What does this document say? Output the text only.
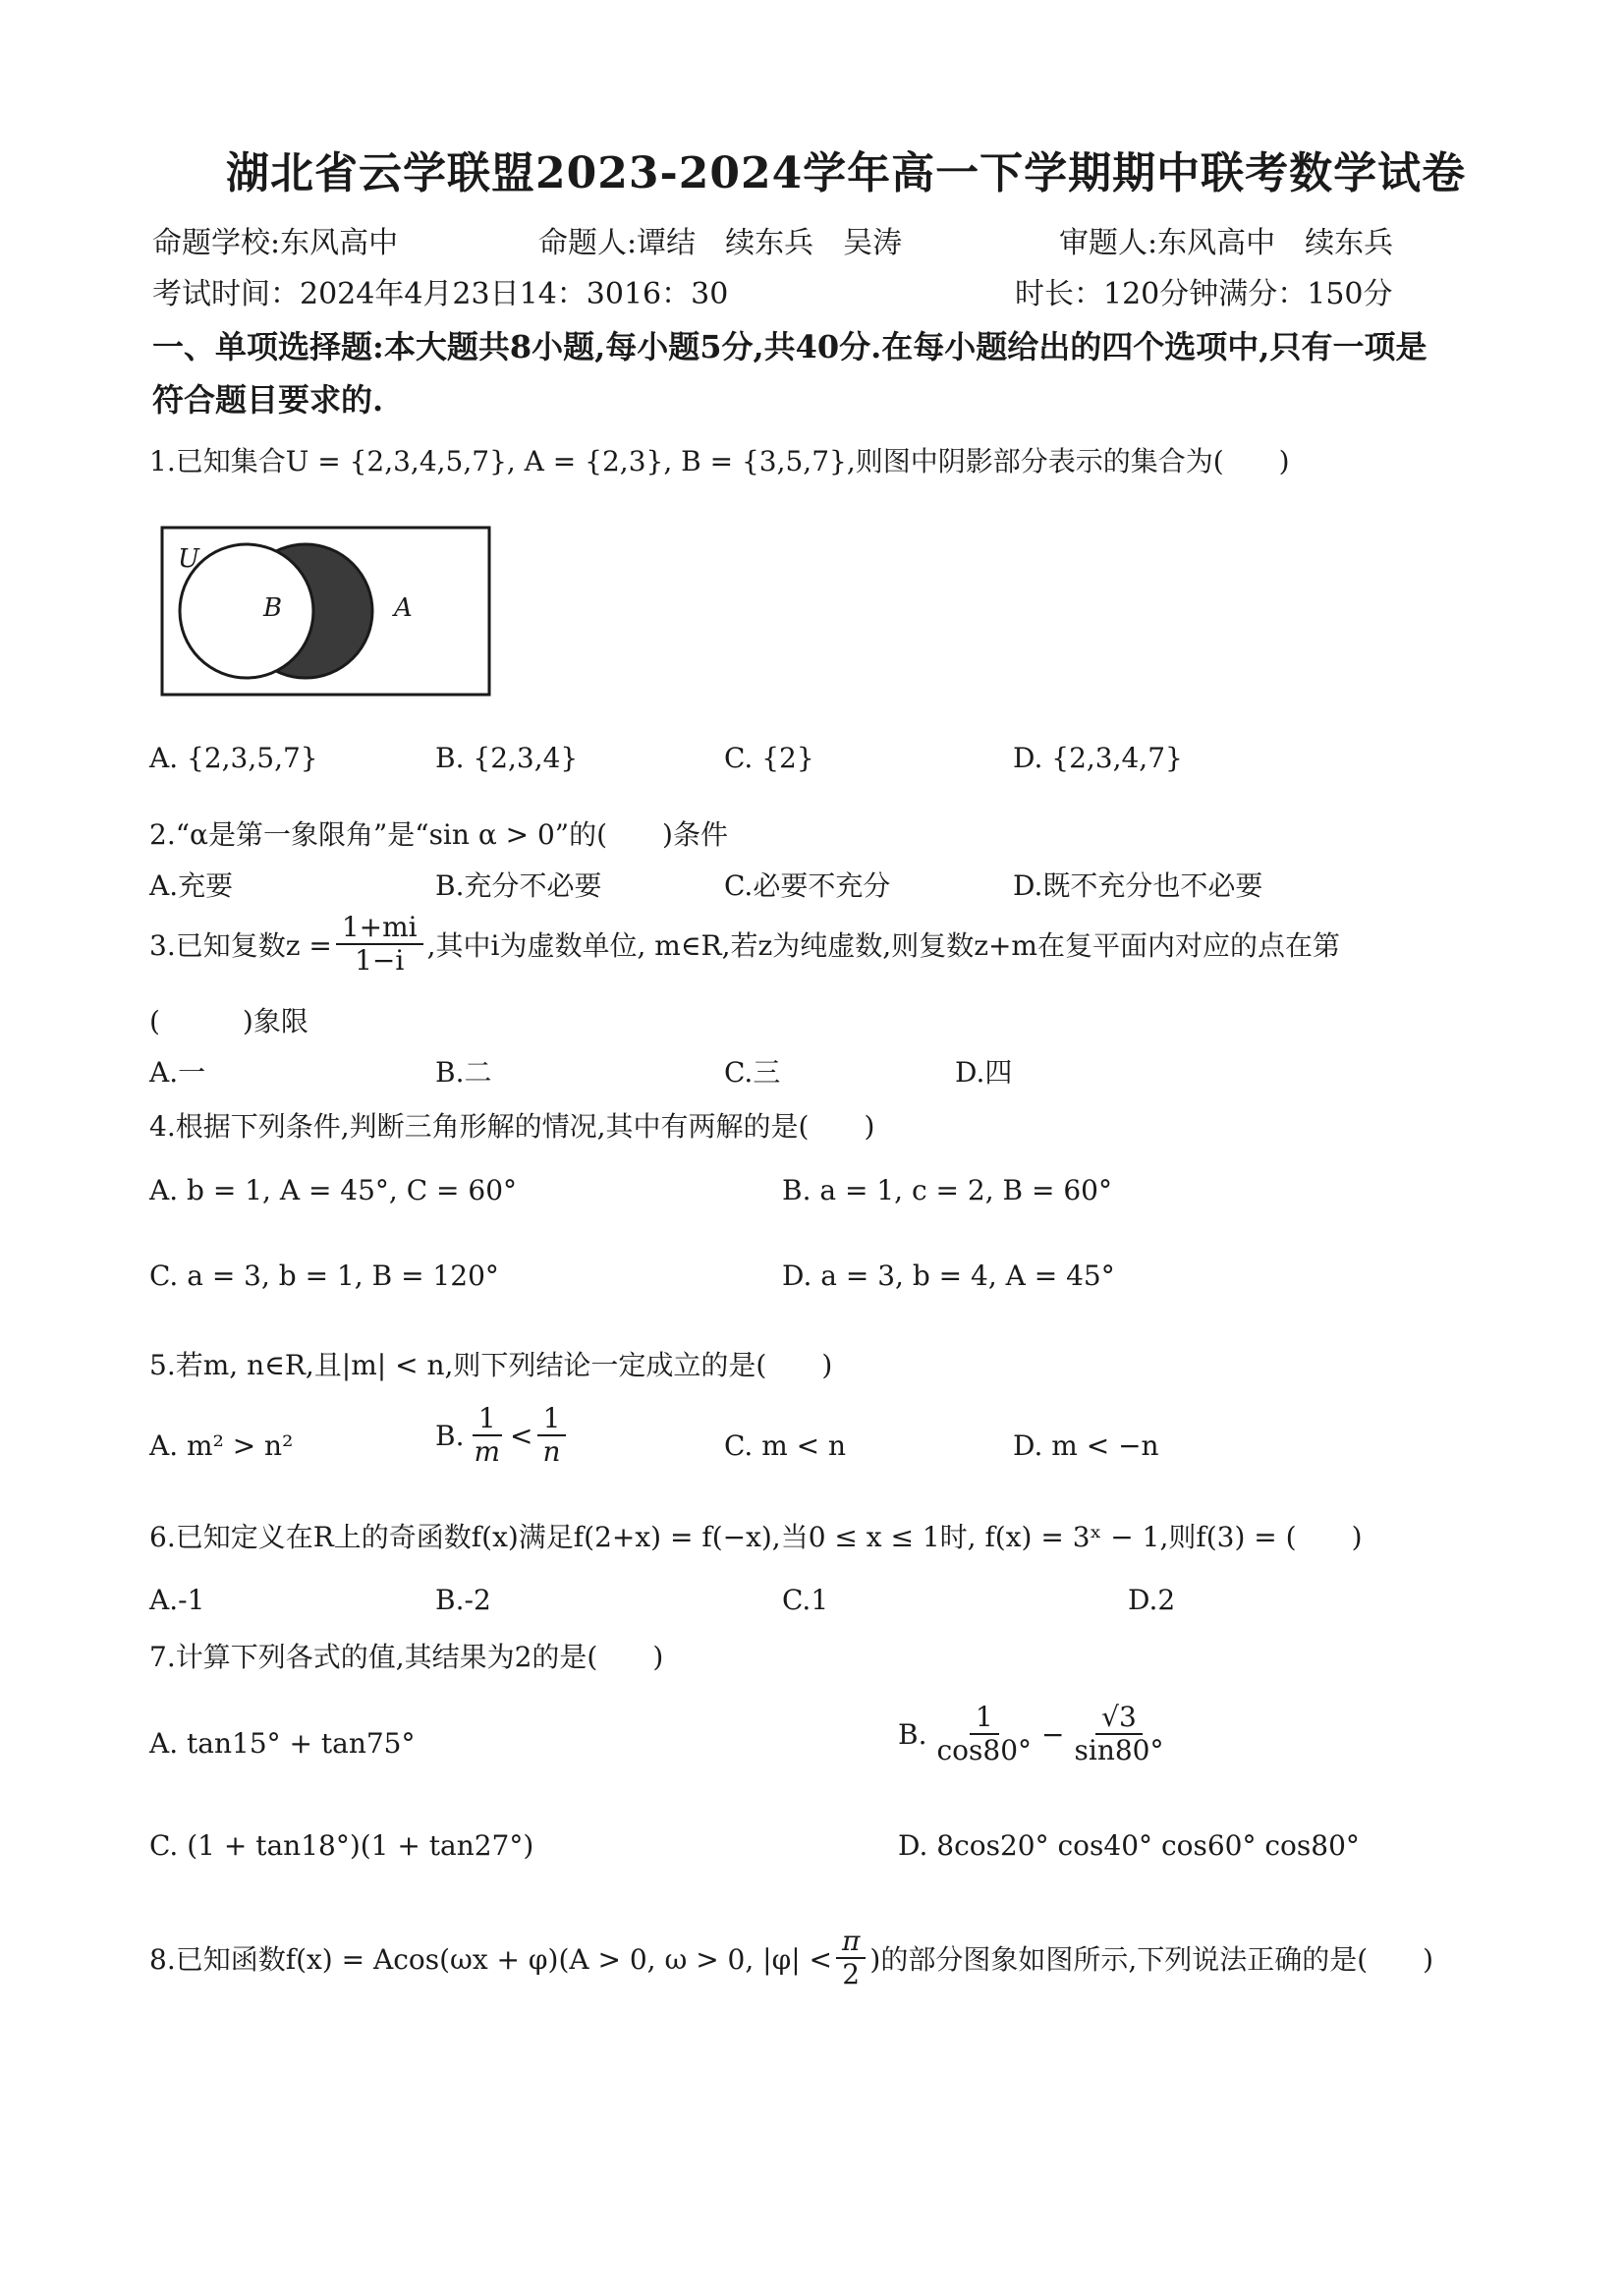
湖北省云学联盟2023-2024学年高一下学期期中联考数学试卷
命题学校:东风高中	命题人:谭结　续东兵　吴涛	审题人:东风高中　续东兵
考试时间：2024年4月23日14：3016：30	时长：120分钟满分：150分
一、单项选择题:本大题共8小题,每小题5分,共40分.在每小题给出的四个选项中,只有一项是
符合题目要求的.
1.已知集合U = {2,3,4,5,7}, A = {2,3}, B = {3,5,7},则图中阴影部分表示的集合为(　　)
U
B	A
A. {2,3,5,7}	B. {2,3,4}	C. {2}	D. {2,3,4,7}
2.“α是第一象限角”是“sin α > 0”的(　　)条件
A.充要	B.充分不必要	C.必要不充分	D.既不充分也不必要
3.已知复数$z = \frac{1+mi}{1-i}$ ,其中i为虚数单位, m∈R,若z为纯虚数,则复数z+m在复平面内对应的点在第
(　　　)象限
A.一	B.二	C.三	D.四
4.根据下列条件,判断三角形解的情况,其中有两解的是(　　)
A. b = 1, A = 45°, C = 60°	B. a = 1, c = 2, B = 60°
C. a = 3, b = 1, B = 120°	D. a = 3, b = 4, A = 45°
5.若m, n∈R,且|m| < n,则下列结论一定成立的是(　　)
A. m² > n²	B. $\frac{1}{m} < \frac{1}{n}$	C. m < n	D. m < −n
6.已知定义在R上的奇函数f(x)满足f(2+x) = f(−x),当0 ≤ x ≤ 1时, f(x) = 3ˣ − 1,则f(3) = (　　)
A.-1	B.-2	C.1	D.2
7.计算下列各式的值,其结果为2的是(　　)
A. tan15° + tan75°	B. $\frac{1}{\cos 80^\circ} - \frac{√3}{\sin 80^\circ}$
C. (1 + tan18°)(1 + tan27°)	D. 8cos20° cos40° cos60° cos80°
8.已知函数f(x) = Acos(ωx + φ)(A > 0, ω > 0, $|\varphi| < \frac{\pi}{2}$ )的部分图象如图所示,下列说法正确的是(　　)
